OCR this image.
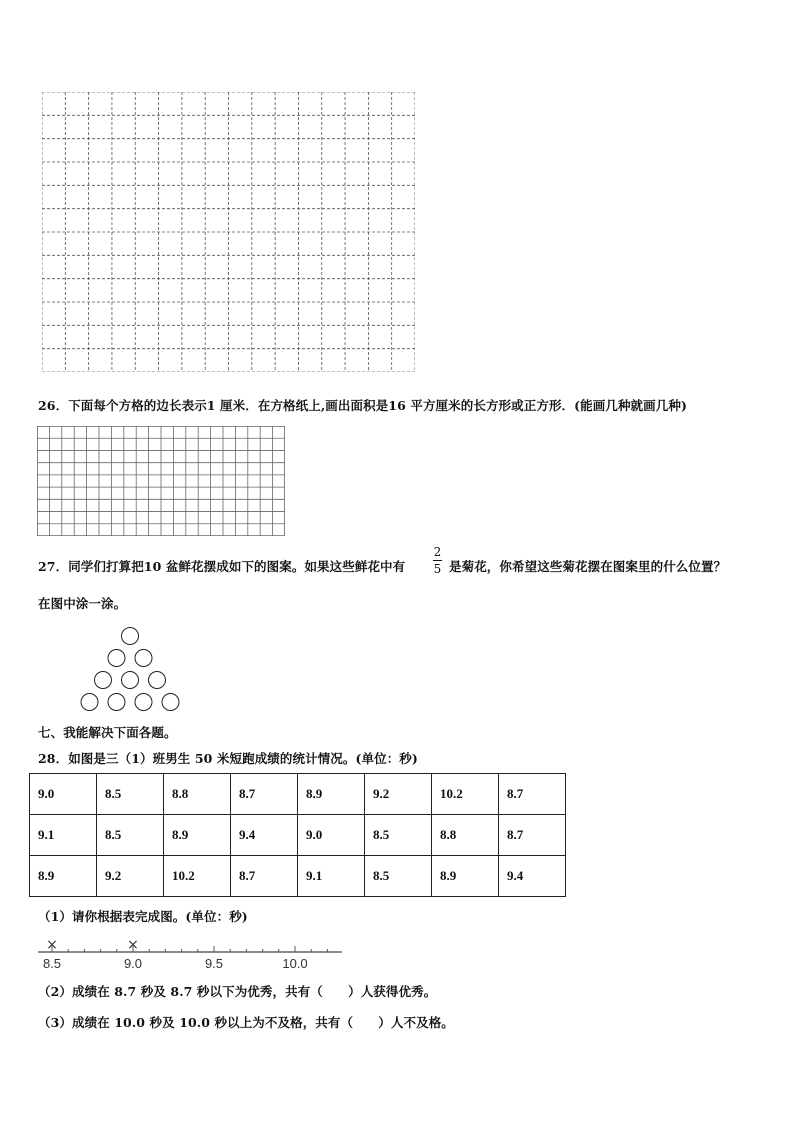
26．下面每个方格的边长表示1 厘米．在方格纸上,画出面积是16 平方厘米的长方形或正方形．(能画几种就画几种)
27．同学们打算把10 盆鲜花摆成如下的图案。如果这些鲜花中有
2
5 是菊花，你希望这些菊花摆在图案里的什么位置？
在图中涂一涂。
七、我能解决下面各题。
28．如图是三（1）班男生 50 米短跑成绩的统计情况。(单位：秒)
9.0	8.5	8.8	8.7	8.9	9.2	10.2	8.7
9.1	8.5	8.9	9.4	9.0	8.5	8.8	8.7
8.9	9.2	10.2	8.7	9.1	8.5	8.9	9.4
（1）请你根据表完成图。(单位：秒)
8.5	9.0	9.5	10.0
×	×
（2）成绩在 8.7 秒及 8.7 秒以下为优秀，共有（　　）人获得优秀。
（3）成绩在 10.0 秒及 10.0 秒以上为不及格，共有（　　）人不及格。
